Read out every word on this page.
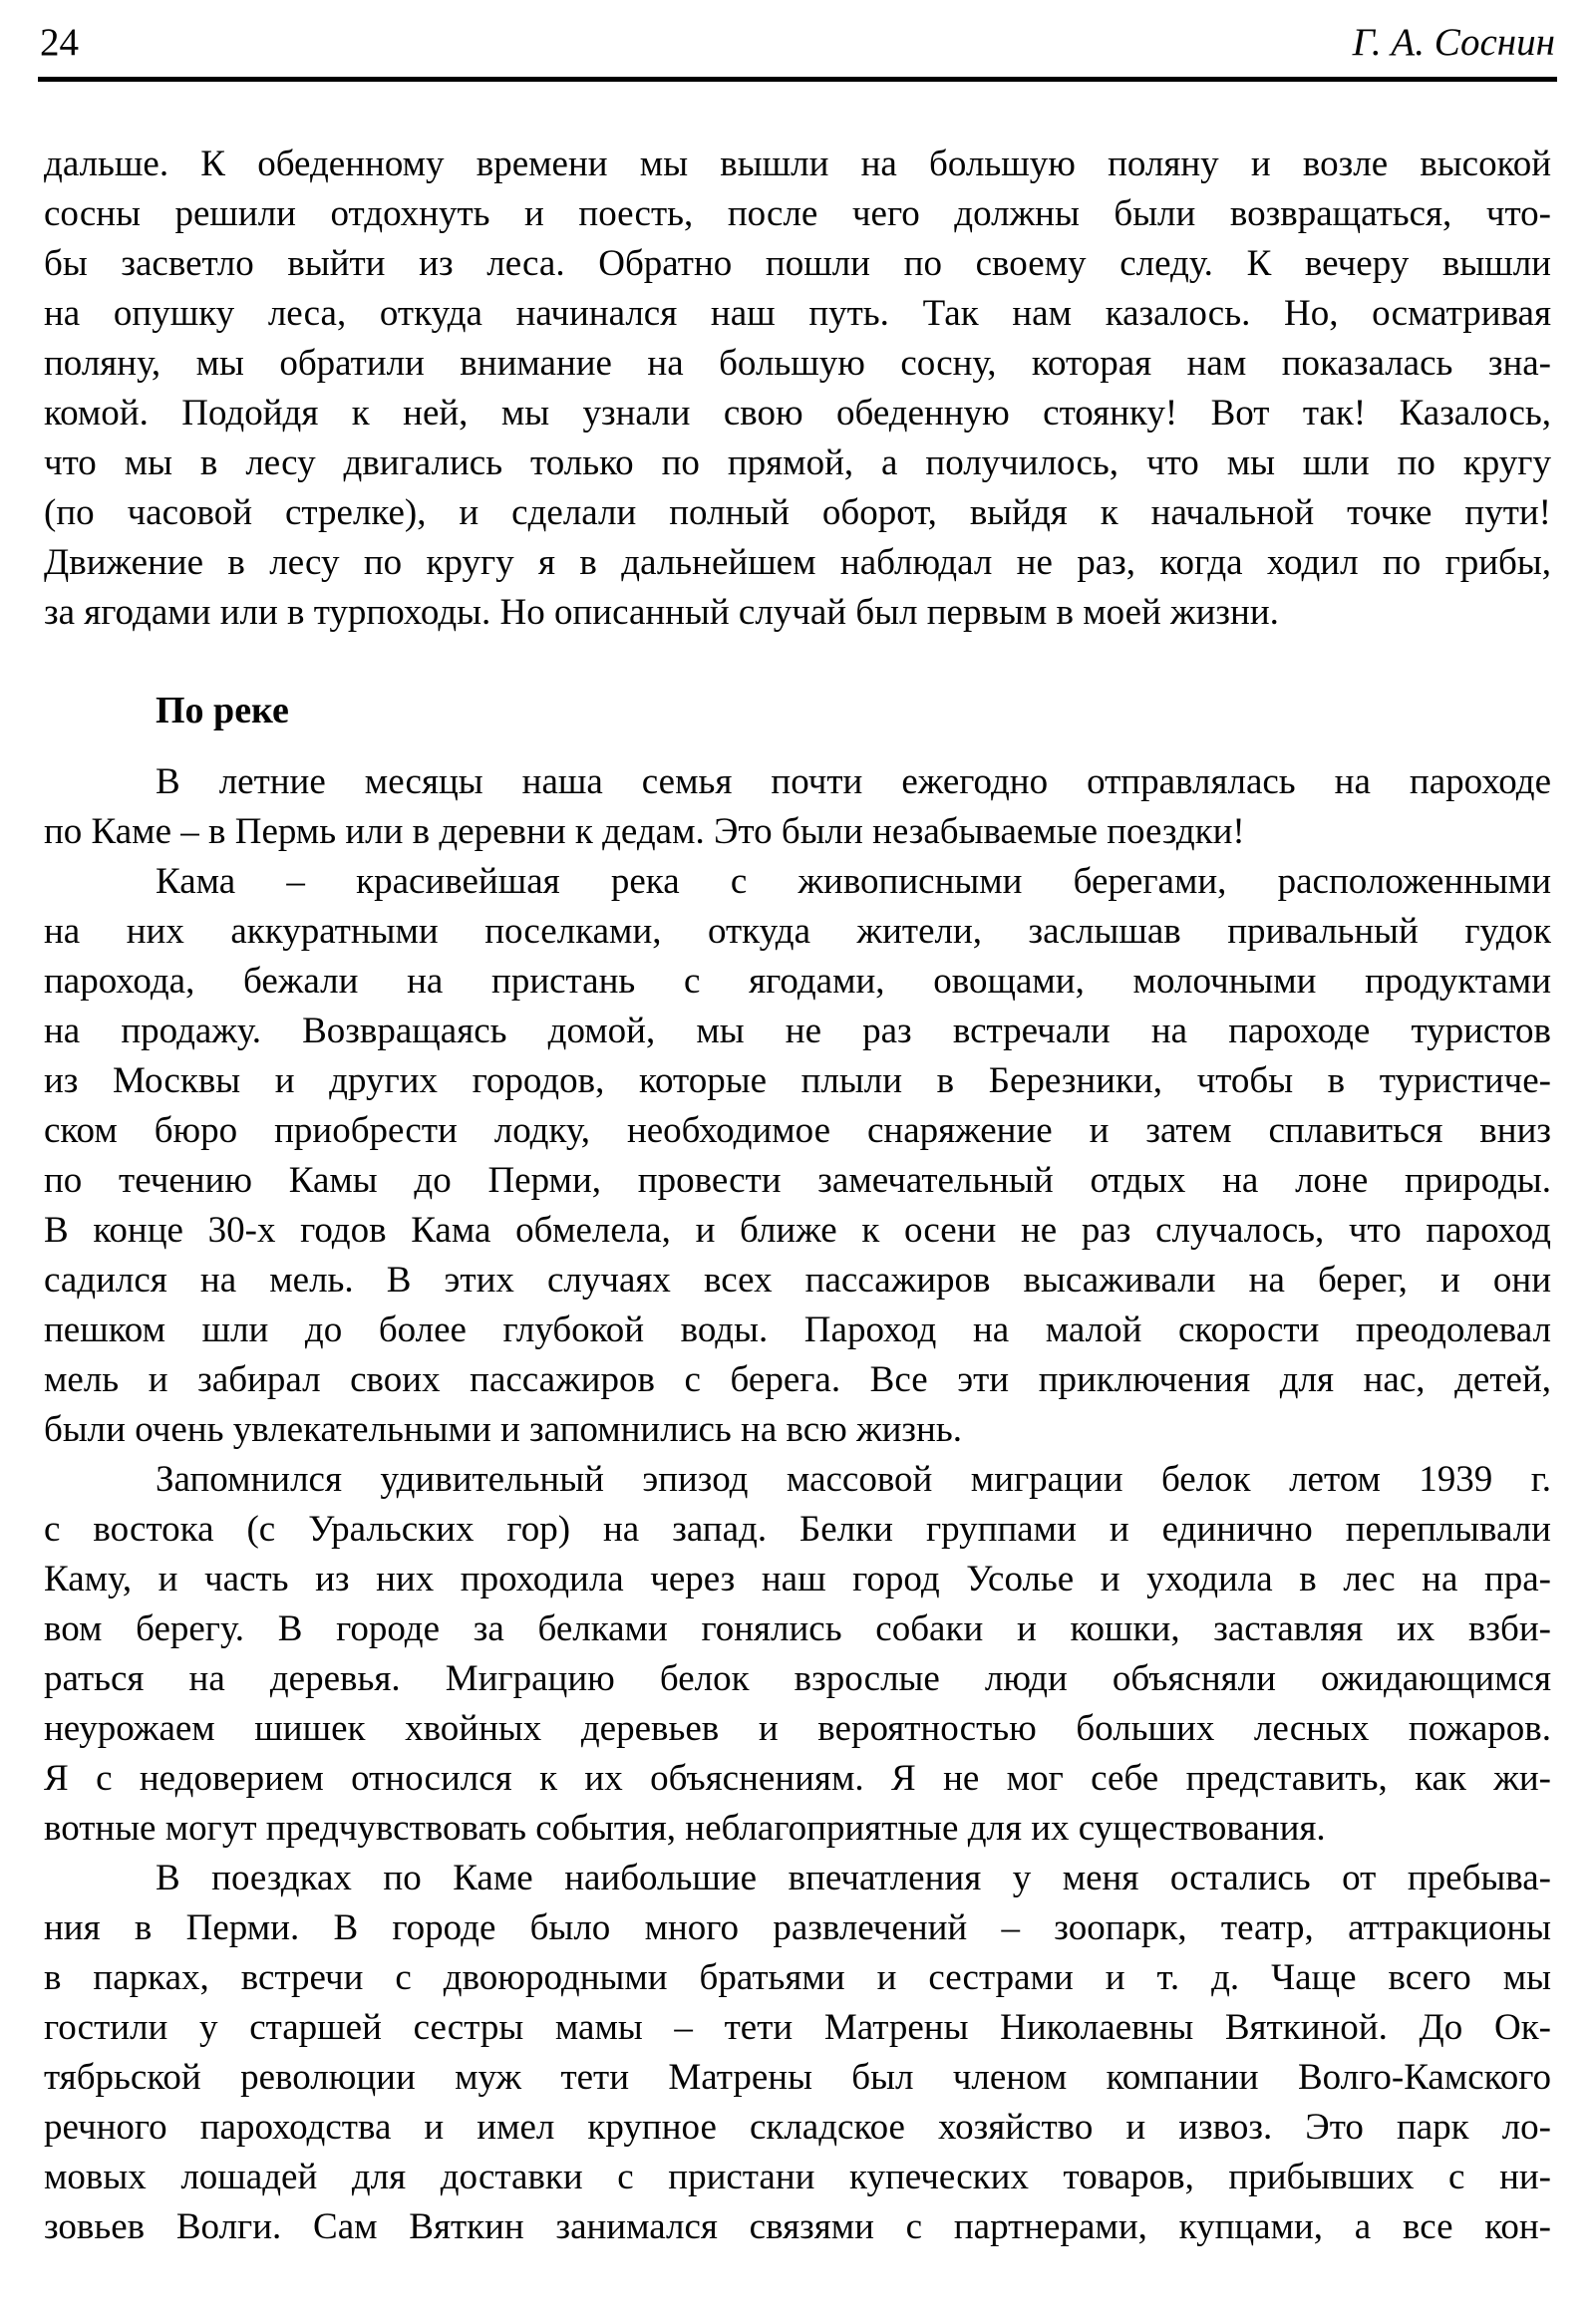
24	Г. А. Соснин
дальше. К обеденному времени мы вышли на большую поляну и возле высокой
сосны решили отдохнуть и поесть, после чего должны были возвращаться, что-
бы засветло выйти из леса. Обратно пошли по своему следу. К вечеру вышли
на опушку леса, откуда начинался наш путь. Так нам казалось. Но, осматривая
поляну, мы обратили внимание на большую сосну, которая нам показалась зна-
комой. Подойдя к ней, мы узнали свою обеденную стоянку! Вот так! Казалось,
что мы в лесу двигались только по прямой, а получилось, что мы шли по кругу
(по часовой стрелке), и сделали полный оборот, выйдя к начальной точке пути!
Движение в лесу по кругу я в дальнейшем наблюдал не раз, когда ходил по грибы,
за ягодами или в турпоходы. Но описанный случай был первым в моей жизни.
По реке
В летние месяцы наша семья почти ежегодно отправлялась на пароходе
по Каме – в Пермь или в деревни к дедам. Это были незабываемые поездки!
Кама – красивейшая река с живописными берегами, расположенными
на них аккуратными поселками, откуда жители, заслышав привальный гудок
парохода, бежали на пристань с ягодами, овощами, молочными продуктами
на продажу. Возвращаясь домой, мы не раз встречали на пароходе туристов
из Москвы и других городов, которые плыли в Березники, чтобы в туристиче-
ском бюро приобрести лодку, необходимое снаряжение и затем сплавиться вниз
по течению Камы до Перми, провести замечательный отдых на лоне природы.
В конце 30-х годов Кама обмелела, и ближе к осени не раз случалось, что пароход
садился на мель. В этих случаях всех пассажиров высаживали на берег, и они
пешком шли до более глубокой воды. Пароход на малой скорости преодолевал
мель и забирал своих пассажиров с берега. Все эти приключения для нас, детей,
были очень увлекательными и запомнились на всю жизнь.
Запомнился удивительный эпизод массовой миграции белок летом 1939 г.
с востока (с Уральских гор) на запад. Белки группами и единично переплывали
Каму, и часть из них проходила через наш город Усолье и уходила в лес на пра-
вом берегу. В городе за белками гонялись собаки и кошки, заставляя их взби-
раться на деревья. Миграцию белок взрослые люди объясняли ожидающимся
неурожаем шишек хвойных деревьев и вероятностью больших лесных пожаров.
Я с недоверием относился к их объяснениям. Я не мог себе представить, как жи-
вотные могут предчувствовать события, неблагоприятные для их существования.
В поездках по Каме наибольшие впечатления у меня остались от пребыва-
ния в Перми. В городе было много развлечений – зоопарк, театр, аттракционы
в парках, встречи с двоюродными братьями и сестрами и т. д. Чаще всего мы
гостили у старшей сестры мамы – тети Матрены Николаевны Вяткиной. До Ок-
тябрьской революции муж тети Матрены был членом компании Волго-Камского
речного пароходства и имел крупное складское хозяйство и извоз. Это парк ло-
мовых лошадей для доставки с пристани купеческих товаров, прибывших с ни-
зовьев Волги. Сам Вяткин занимался связями с партнерами, купцами, а все кон-
